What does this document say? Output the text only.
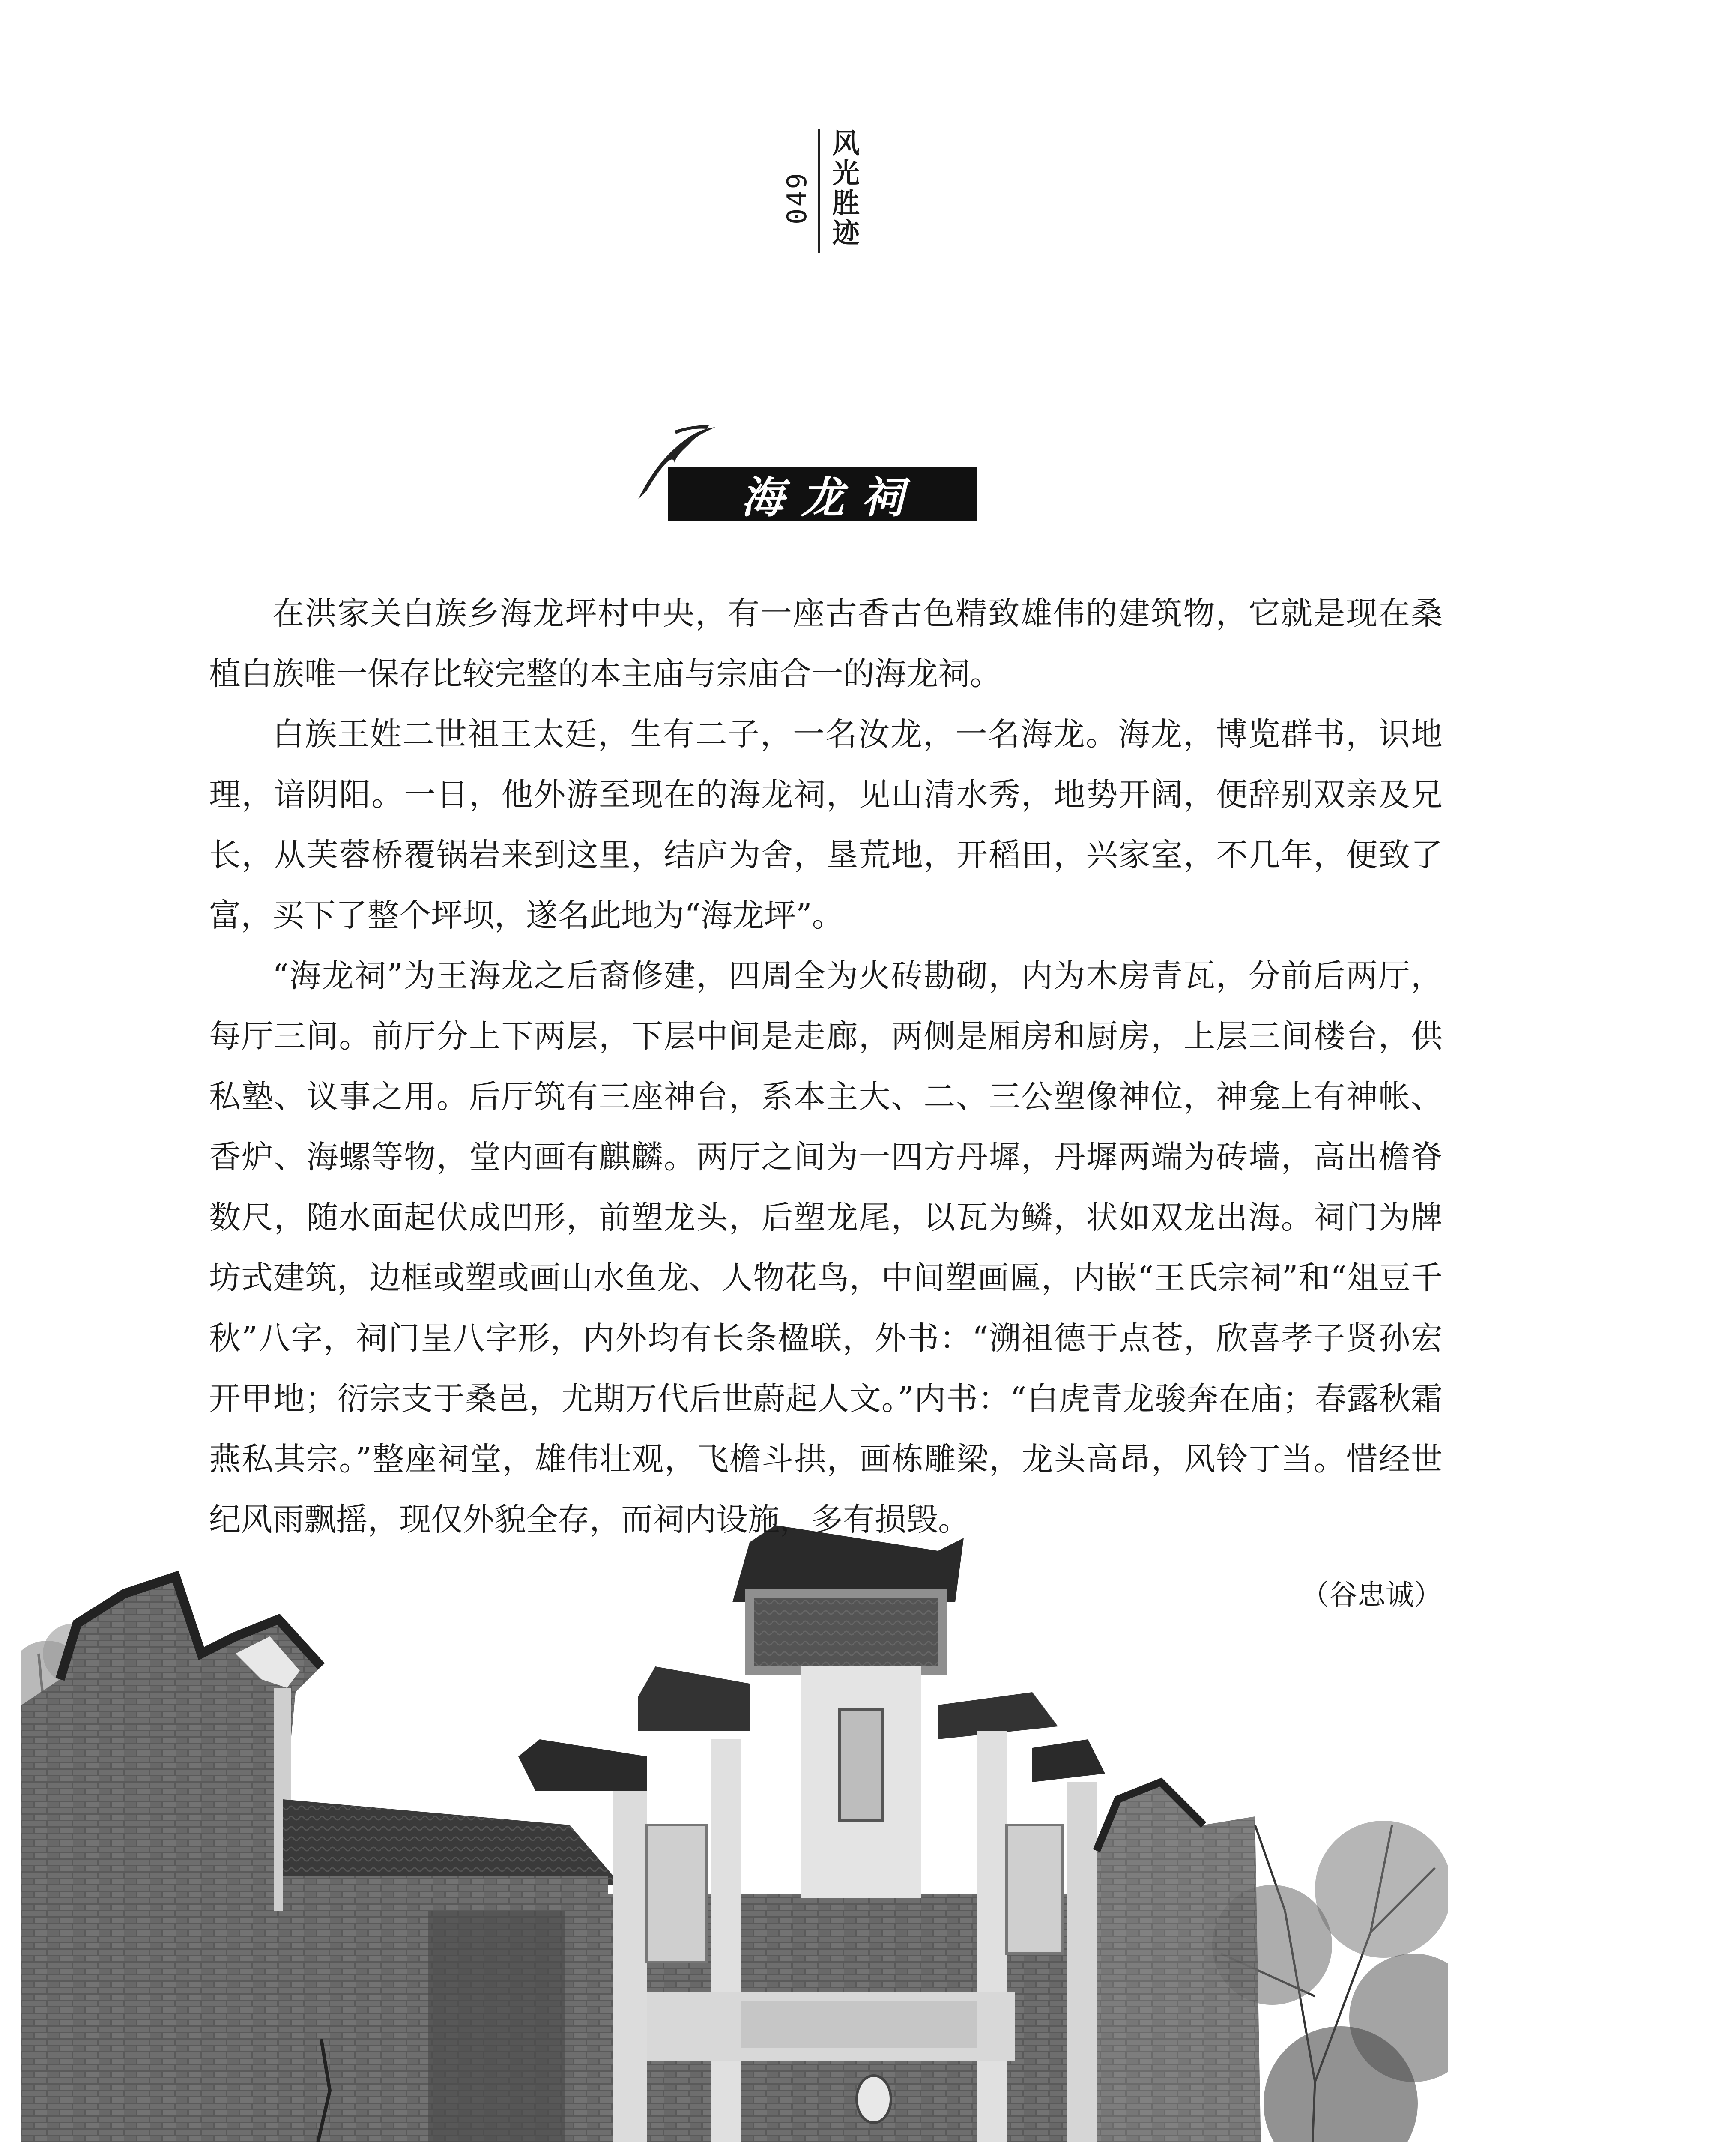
049 风光胜迹
海龙祠

在洪家关白族乡海龙坪村中央，有一座古香古色精致雄伟的建筑物，它就是现在桑植白族唯一保存比较完整的本主庙与宗庙合一的海龙祠。

白族王姓二世祖王太廷，生有二子，一名汝龙，一名海龙。海龙，博览群书，识地理，谙阴阳。一日，他外游至现在的海龙祠，见山清水秀，地势开阔，便辞别双亲及兄长，从芙蓉桥覆锅岩来到这里，结庐为舍，垦荒地，开稻田，兴家室，不几年，便致了富，买下了整个坪坝，遂名此地为“海龙坪”。

“海龙祠”为王海龙之后裔修建，四周全为火砖勘砌，内为木房青瓦，分前后两厅，每厅三间。前厅分上下两层，下层中间是走廊，两侧是厢房和厨房，上层三间楼台，供私塾、议事之用。后厅筑有三座神台，系本主大、二、三公塑像神位，神龛上有神帐、香炉、海螺等物，堂内画有麒麟。两厅之间为一四方丹墀，丹墀两端为砖墙，高出檐脊数尺，随水面起伏成凹形，前塑龙头，后塑龙尾，以瓦为鳞，状如双龙出海。祠门为牌坊式建筑，边框或塑或画山水鱼龙、人物花鸟，中间塑画匾，内嵌“王氏宗祠”和“俎豆千秋”八字，祠门呈八字形，内外均有长条楹联，外书：“溯祖德于点苍，欣喜孝子贤孙宏开甲地；衍宗支于桑邑，尤期万代后世蔚起人文。”内书：“白虎青龙骏奔在庙；春露秋霜燕私其宗。”整座祠堂，雄伟壮观，飞檐斗拱，画栋雕梁，龙头高昂，风铃丁当。惜经世纪风雨飘摇，现仅外貌全存，而祠内设施，多有损毁。

（谷忠诚）
